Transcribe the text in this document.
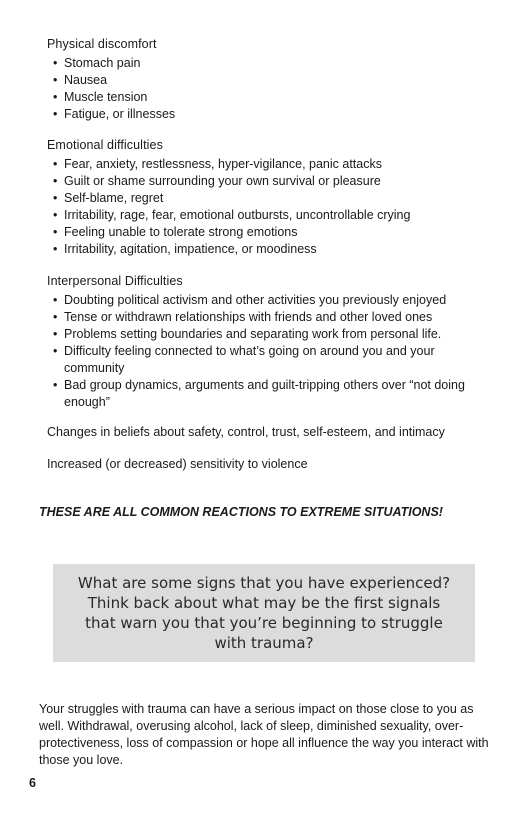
Physical discomfort
• Stomach pain
• Nausea
• Muscle tension
• Fatigue, or illnesses
Emotional difficulties
• Fear, anxiety, restlessness, hyper-vigilance, panic attacks
• Guilt or shame surrounding your own survival or pleasure
• Self-blame, regret
• Irritability, rage, fear, emotional outbursts, uncontrollable crying
• Feeling unable to tolerate strong emotions
• Irritability, agitation, impatience, or moodiness
Interpersonal Difficulties
• Doubting political activism and other activities you previously enjoyed
• Tense or withdrawn relationships with friends and other loved ones
• Problems setting boundaries and separating work from personal life.
• Difficulty feeling connected to what’s going on around you and your community
• Bad group dynamics, arguments and guilt-tripping others over “not doing enough”
Changes in beliefs about safety, control, trust, self-esteem, and intimacy
Increased (or decreased) sensitivity to violence
THESE ARE ALL COMMON REACTIONS TO EXTREME SITUATIONS!
What are some signs that you have experienced? Think back about what may be the first signals that warn you that you’re beginning to struggle with trauma?
Your struggles with trauma can have a serious impact on those close to you as well. Withdrawal, overusing alcohol, lack of sleep, diminished sexuality, over-protectiveness, loss of compassion or hope all influence the way you interact with those you love.
6
